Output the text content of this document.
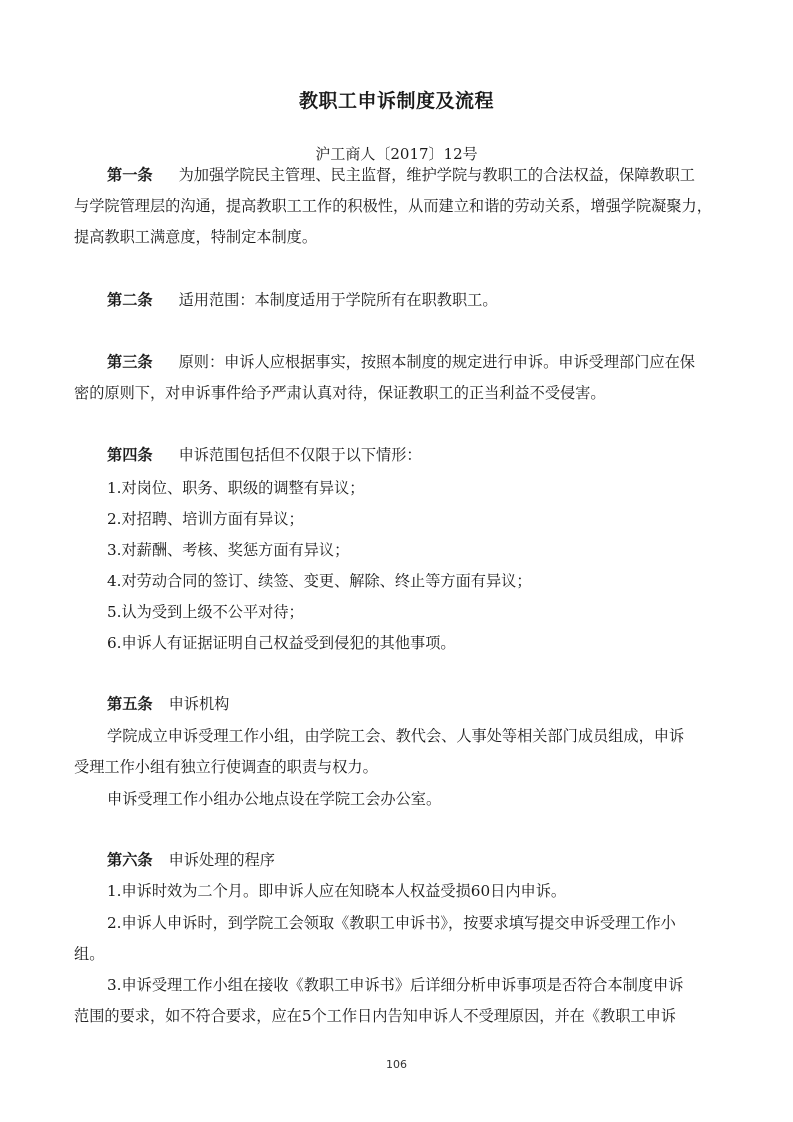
教职工申诉制度及流程

沪工商人〔2017〕12号

第一条 为加强学院民主管理、民主监督，维护学院与教职工的合法权益，保障教职工

与学院管理层的沟通，提高教职工工作的积极性，从而建立和谐的劳动关系，增强学院凝聚力，提高教职工满意度，特制定本制度。

第二条 适用范围：本制度适用于学院所有在职教职工。

第三条 原则：申诉人应根据事实，按照本制度的规定进行申诉。申诉受理部门应在保

密的原则下，对申诉事件给予严肃认真对待，保证教职工的正当利益不受侵害。

第四条 申诉范围包括但不仅限于以下情形：

1.对岗位、职务、职级的调整有异议；

2.对招聘、培训方面有异议；

3.对薪酬、考核、奖惩方面有异议；

4.对劳动合同的签订、续签、变更、解除、终止等方面有异议；

5.认为受到上级不公平对待；

6.申诉人有证据证明自己权益受到侵犯的其他事项。

第五条 申诉机构

学院成立申诉受理工作小组，由学院工会、教代会、人事处等相关部门成员组成，申诉

受理工作小组有独立行使调查的职责与权力。

申诉受理工作小组办公地点设在学院工会办公室。

第六条 申诉处理的程序

1.申诉时效为二个月。即申诉人应在知晓本人权益受损60日内申诉。

2.申诉人申诉时，到学院工会领取《教职工申诉书》，按要求填写提交申诉受理工作小

组。

3.申诉受理工作小组在接收《教职工申诉书》后详细分析申诉事项是否符合本制度申诉

范围的要求，如不符合要求，应在5个工作日内告知申诉人不受理原因，并在《教职工申诉

106
